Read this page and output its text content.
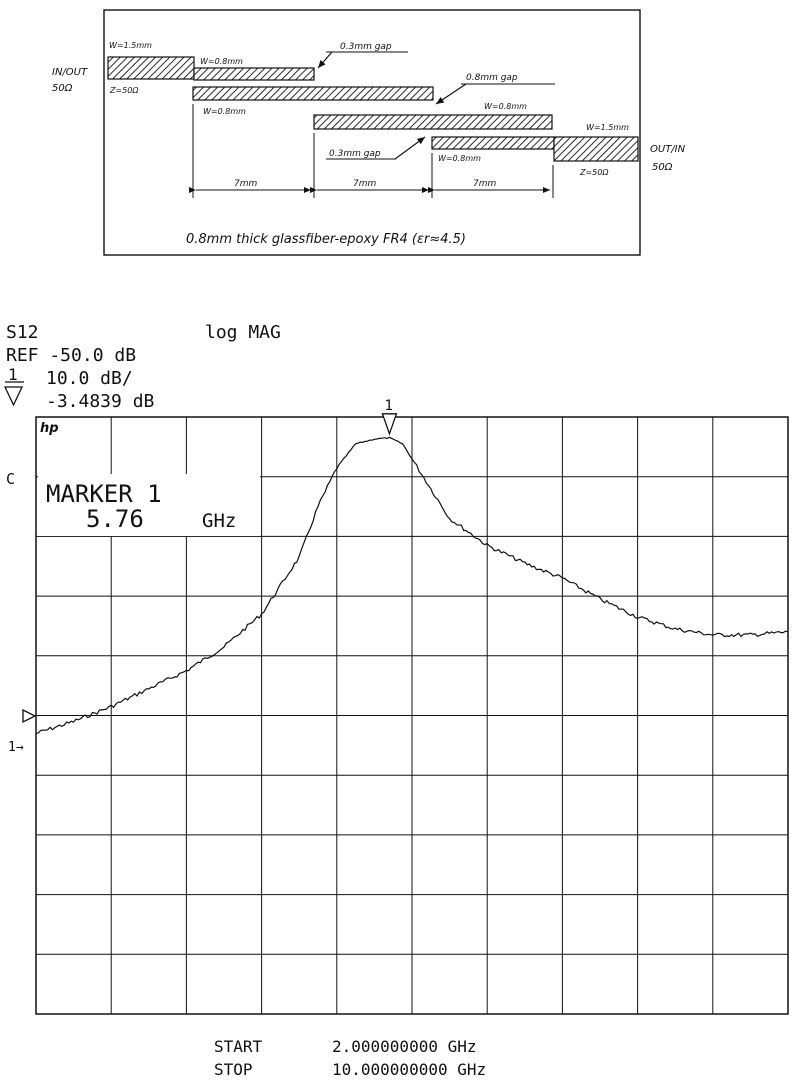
IN/OUT
50Ω
W=1.5mm
Z=50Ω
W=0.8mm
W=0.8mm
W=0.8mm
W=0.8mm
W=1.5mm
Z=50Ω
0.3mm gap
0.8mm gap
0.3mm gap	OUT/IN
50Ω
7mm	7mm	7mm
0.8mm thick glassfiber-epoxy FR4 (εr≈4.5)
S12	log MAG
REF -50.0 dB
10.0 dB/
1
-3.4839 dB
C
1→
1
hp
MARKER 1
5.76	GHz
START	2.000000000 GHz
STOP	10.000000000 GHz
